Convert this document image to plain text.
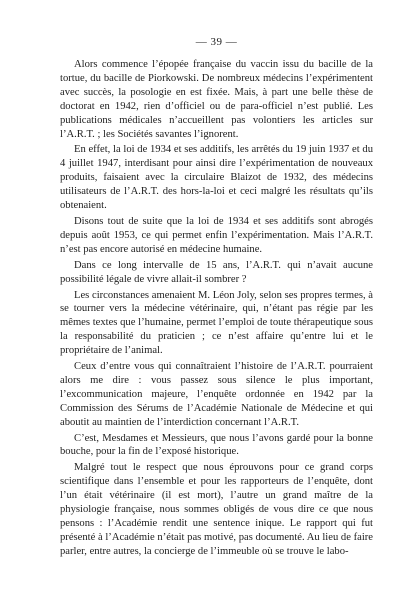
— 39 —

Alors commence l’épopée française du vaccin issu du bacille de la tortue, du bacille de Piorkowski. De nombreux médecins l’expérimentent avec succès, la posologie en est fixée. Mais, à part une belle thèse de doctorat en 1942, rien d’officiel ou de para-officiel n’est publié. Les publications médicales n’accueillent pas volontiers les articles sur l’A.R.T. ; les Sociétés savantes l’ignorent.

En effet, la loi de 1934 et ses additifs, les arrêtés du 19 juin 1937 et du 4 juillet 1947, interdisant pour ainsi dire l’expérimentation de nouveaux produits, faisaient avec la circulaire Blaizot de 1932, des médecins utilisateurs de l’A.R.T. des hors-la-loi et ceci malgré les résultats qu’ils obtenaient.

Disons tout de suite que la loi de 1934 et ses additifs sont abrogés depuis août 1953, ce qui permet enfin l’expérimentation. Mais l’A.R.T. n’est pas encore autorisé en médecine humaine.

Dans ce long intervalle de 15 ans, l’A.R.T. qui n’avait aucune possibilité légale de vivre allait-il sombrer ?

Les circonstances amenaient M. Léon Joly, selon ses propres termes, à se tourner vers la médecine vétérinaire, qui, n’étant pas régie par les mêmes textes que l’humaine, permet l’emploi de toute thérapeutique sous la responsabilité du praticien ; ce n’est affaire qu’entre lui et le propriétaire de l’animal.

Ceux d’entre vous qui connaîtraient l’histoire de l’A.R.T. pourraient alors me dire : vous passez sous silence le plus important, l’excommunication majeure, l’enquête ordonnée en 1942 par la Commission des Sérums de l’Académie Nationale de Médecine et qui aboutit au maintien de l’interdiction concernant l’A.R.T.

C’est, Mesdames et Messieurs, que nous l’avons gardé pour la bonne bouche, pour la fin de l’exposé historique.

Malgré tout le respect que nous éprouvons pour ce grand corps scientifique dans l’ensemble et pour les rapporteurs de l’enquête, dont l’un était vétérinaire (il est mort), l’autre un grand maître de la physiologie française, nous sommes obligés de vous dire ce que nous pensons : l’Académie rendit une sentence inique. Le rapport qui fut présenté à l’Académie n’était pas motivé, pas documenté. Au lieu de faire parler, entre autres, la concierge de l’immeuble où se trouve le labo-
